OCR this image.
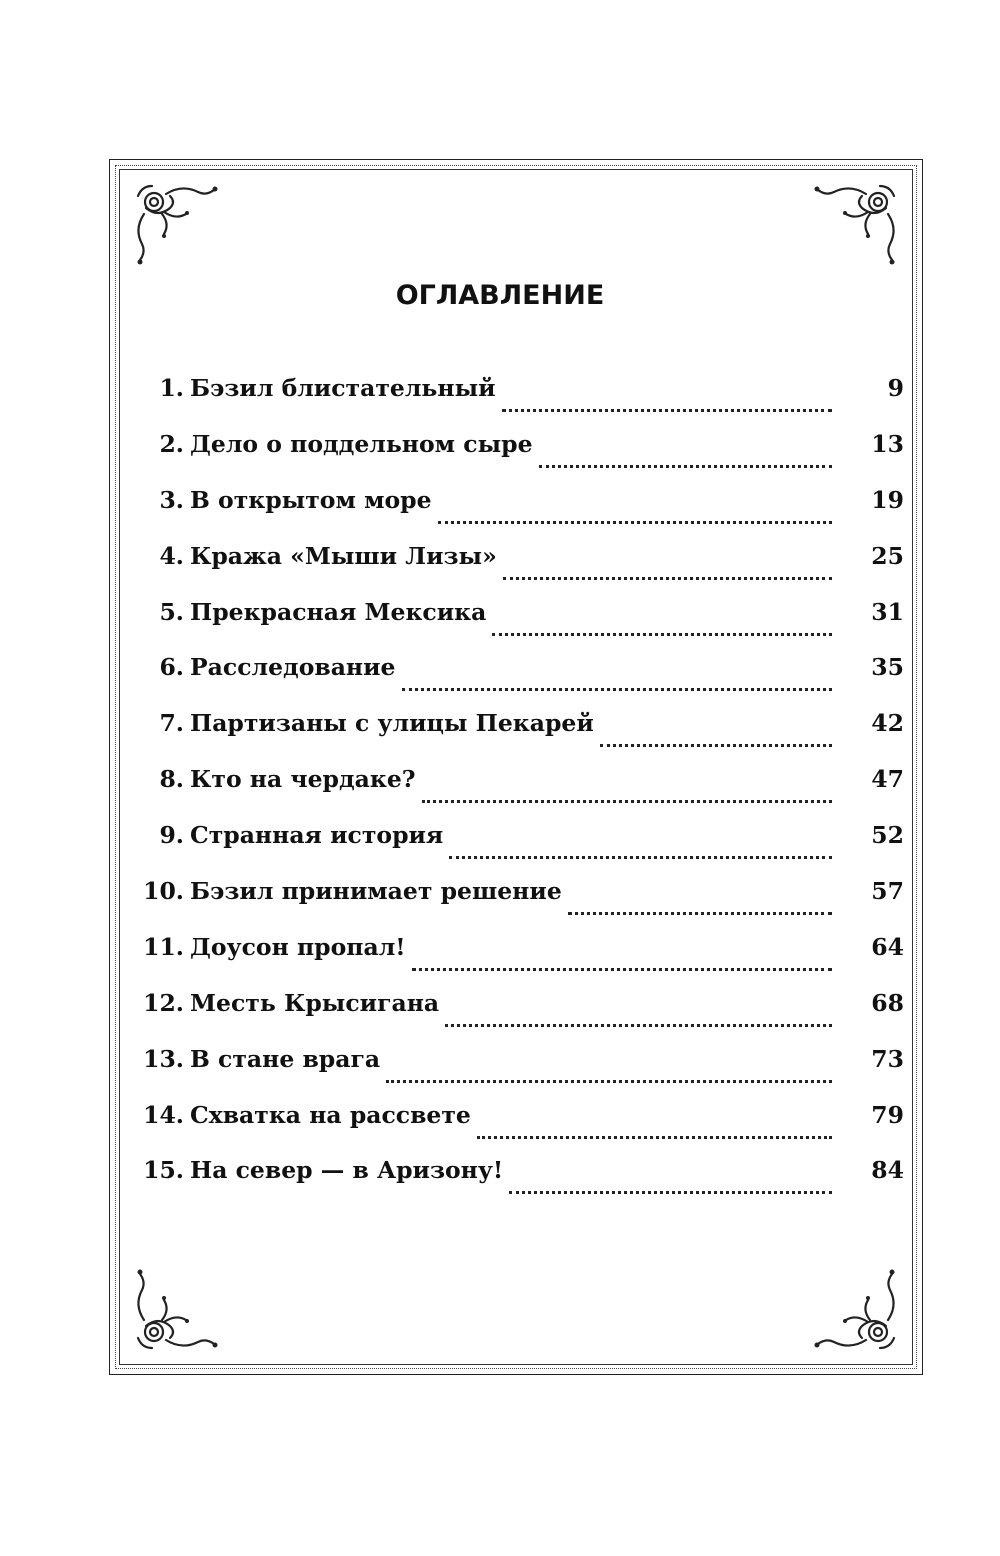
ОГЛАВЛЕНИЕ
1. Бэзил блистательный	9
2. Дело о поддельном сыре	13
3. В открытом море	19
4. Кража «Мыши Лизы»	25
5. Прекрасная Мексика	31
6. Расследование	35
7. Партизаны с улицы Пекарей	42
8. Кто на чердаке?	47
9. Странная история	52
10. Бэзил принимает решение	57
11. Доусон пропал!	64
12. Месть Крысигана	68
13. В стане врага	73
14. Схватка на рассвете	79
15. На север — в Аризону!	84
